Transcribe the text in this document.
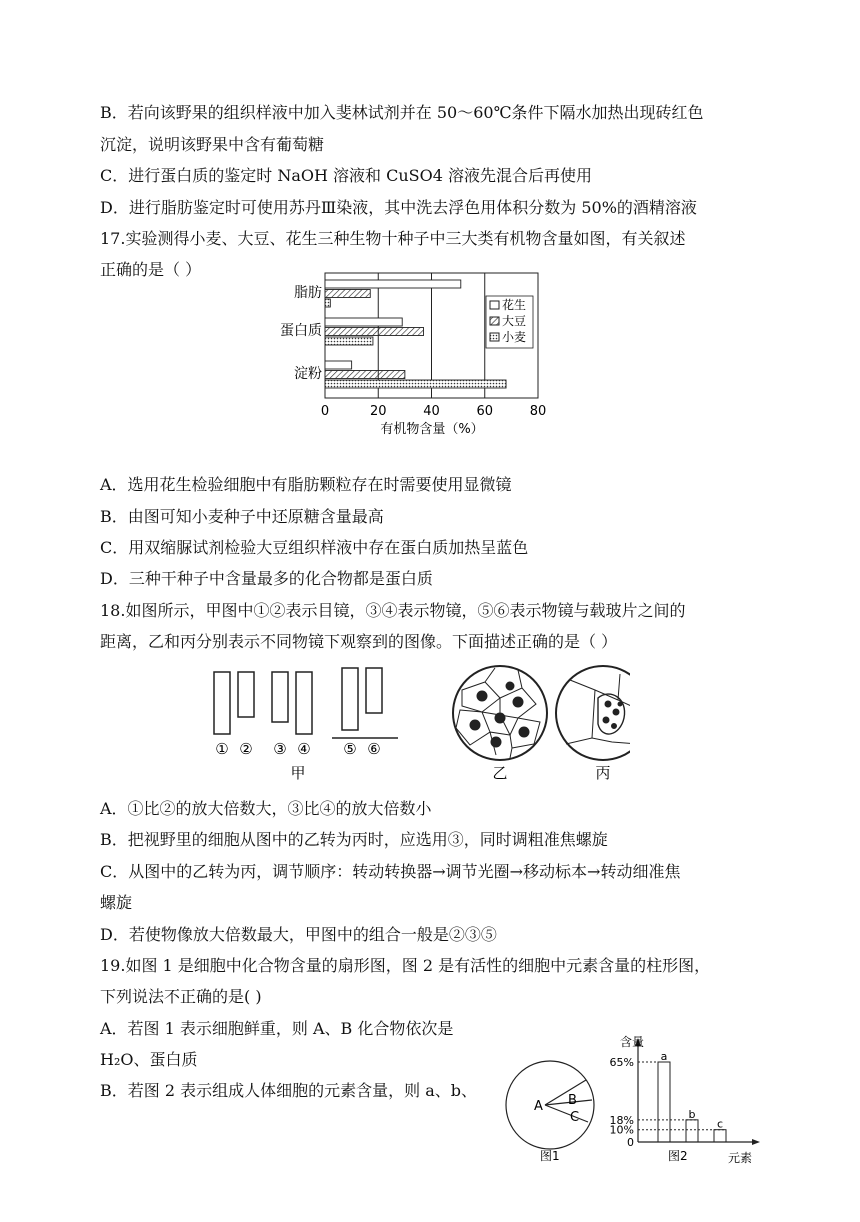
B．若向该野果的组织样液中加入斐林试剂并在 50～60℃条件下隔水加热出现砖红色
沉淀，说明该野果中含有葡萄糖
C．进行蛋白质的鉴定时 NaOH 溶液和 CuSO4 溶液先混合后再使用
D．进行脂肪鉴定时可使用苏丹Ⅲ染液，其中洗去浮色用体积分数为 50%的酒精溶液
17.实验测得小麦、大豆、花生三种生物十种子中三大类有机物含量如图，有关叙述
正确的是（ ）
脂肪
蛋白质
淀粉
0	20	40	60	80
有机物含量（%）
花生
大豆
小麦
A．选用花生检验细胞中有脂肪颗粒存在时需要使用显微镜
B．由图可知小麦种子中还原糖含量最高
C．用双缩脲试剂检验大豆组织样液中存在蛋白质加热呈蓝色
D．三种干种子中含量最多的化合物都是蛋白质
18.如图所示，甲图中①②表示目镜，③④表示物镜，⑤⑥表示物镜与载玻片之间的
距离，乙和丙分别表示不同物镜下观察到的图像。下面描述正确的是（ ）
① ② ③ ④ ⑤ ⑥
甲	乙	丙
A．①比②的放大倍数大，③比④的放大倍数小
B．把视野里的细胞从图中的乙转为丙时，应选用③，同时调粗准焦螺旋
C．从图中的乙转为丙，调节顺序：转动转换器→调节光圈→移动标本→转动细准焦
螺旋
D．若使物像放大倍数最大，甲图中的组合一般是②③⑤
19.如图 1 是细胞中化合物含量的扇形图，图 2 是有活性的细胞中元素含量的柱形图，
下列说法不正确的是( )
A．若图 1 表示细胞鲜重，则 A、B 化合物依次是
H₂O、蛋白质
B．若图 2 表示组成人体细胞的元素含量，则 a、b、
A B
C
图1
含量
元素
65%
18%
10%
0
a
b
c
图2
